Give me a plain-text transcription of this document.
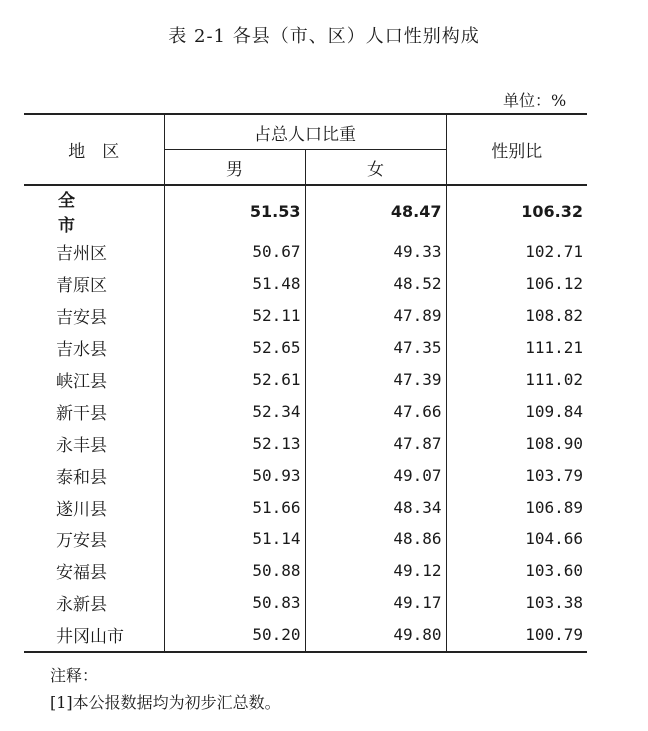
表 2-1 各县（市、区）人口性别构成
单位：%
地　区	占总人口比重		性别比
	男	女	
全　市	51.53	48.47	106.32
吉州区	50.67	49.33	102.71
青原区	51.48	48.52	106.12
吉安县	52.11	47.89	108.82
吉水县	52.65	47.35	111.21
峡江县	52.61	47.39	111.02
新干县	52.34	47.66	109.84
永丰县	52.13	47.87	108.90
泰和县	50.93	49.07	103.79
遂川县	51.66	48.34	106.89
万安县	51.14	48.86	104.66
安福县	50.88	49.12	103.60
永新县	50.83	49.17	103.38
井冈山市	50.20	49.80	100.79
注释：
[1]本公报数据均为初步汇总数。
